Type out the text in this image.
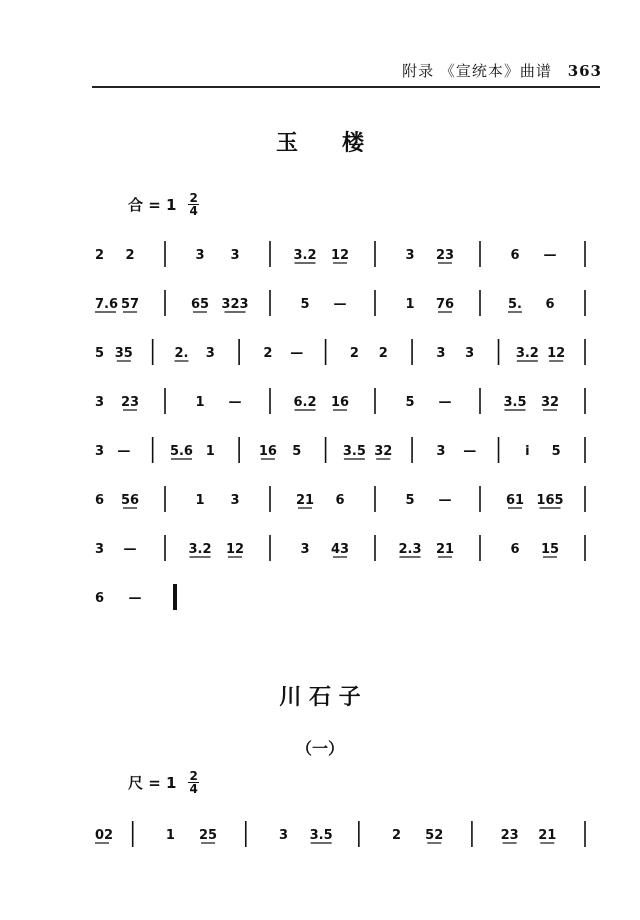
附录 《宣统本》曲谱 363
玉　　楼
合 = 1 2
4
川 石 子
（一）
尺 = 1 2
4
2 2	3 3	3.2 12	3 23	6 —
7.6 57	65 323	5 —	1 76	5. 6
5 35	2. 3	2 —	2 2	3 3	3.2 12
3 23	1 —	6.2 16	5 —	3.5 32
3 —	5.6 1	16 5	3.5 32	3 —	i 5
6 56	1 3	21 6	5 —	61 165
3 —	3.2 12	3 43	2.3 21	6 15
6 —
02	1 25	3 3.5	2 52	23 21
